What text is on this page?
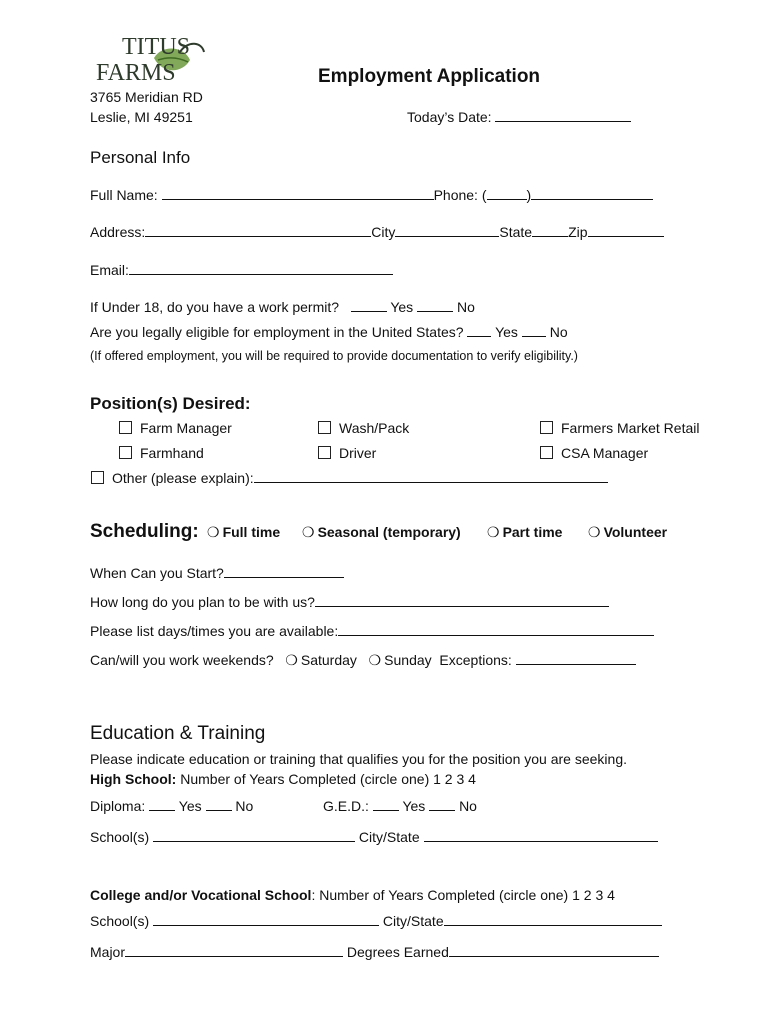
TITUS
FARMS	Employment Application
3765 Meridian RD
Leslie, MI 49251	Today’s Date:
Personal Info
Full Name:	Phone: (	)
Address:	City	State	Zip
Email:
If Under 18, do you have a work permit?	Yes	No
Are you legally eligible for employment in the United States? Yes No
(If offered employment, you will be required to provide documentation to verify eligibility.)
Position(s) Desired:
Farm Manager	Wash/Pack	Farmers Market Retail
Farmhand	Driver	CSA Manager
Other (please explain):
Scheduling: ❍ Full time ❍ Seasonal (temporary) ❍ Part time ❍ Volunteer
When Can you Start?
How long do you plan to be with us?
Please list days/times you are available:
Can/will you work weekends? ❍ Saturday ❍ Sunday Exceptions:
Education & Training
Please indicate education or training that qualifies you for the position you are seeking.
High School: Number of Years Completed (circle one) 1 2 3 4
Diploma: Yes No	G.E.D.: Yes No
School(s)	City/State
College and/or Vocational School: Number of Years Completed (circle one) 1 2 3 4
School(s)	City/State
Major	Degrees Earned
